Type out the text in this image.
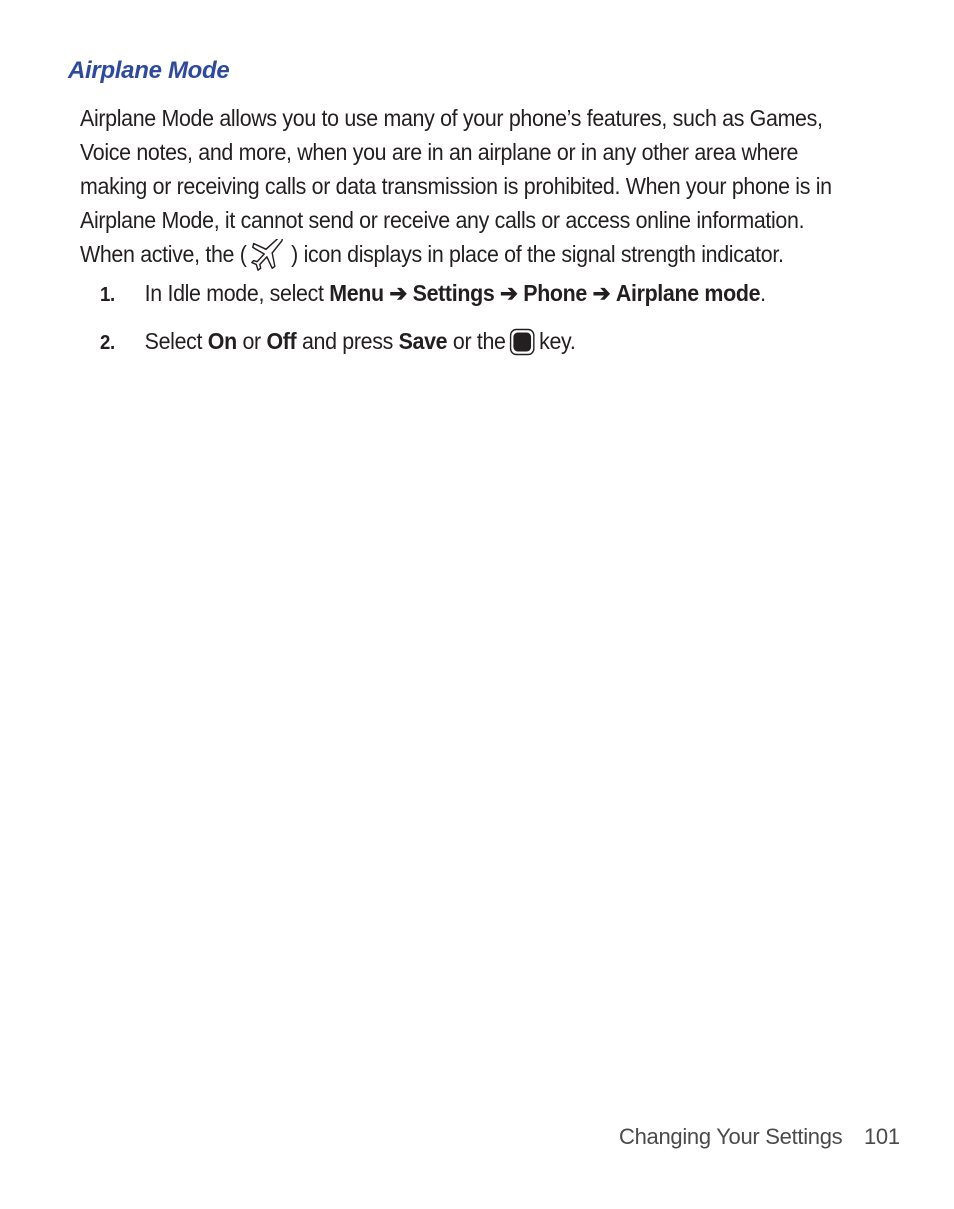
Airplane Mode
Airplane Mode allows you to use many of your phone’s features, such as Games,
Voice notes, and more, when you are in an airplane or in any other area where
making or receiving calls or data transmission is prohibited. When your phone is in
Airplane Mode, it cannot send or receive any calls or access online information.
When active, the ( ) icon displays in place of the signal strength indicator.
1. In Idle mode, select Menu ➔ Settings ➔ Phone ➔ Airplane mode.
2. Select On or Off and press Save or the key.
Changing Your Settings 101
